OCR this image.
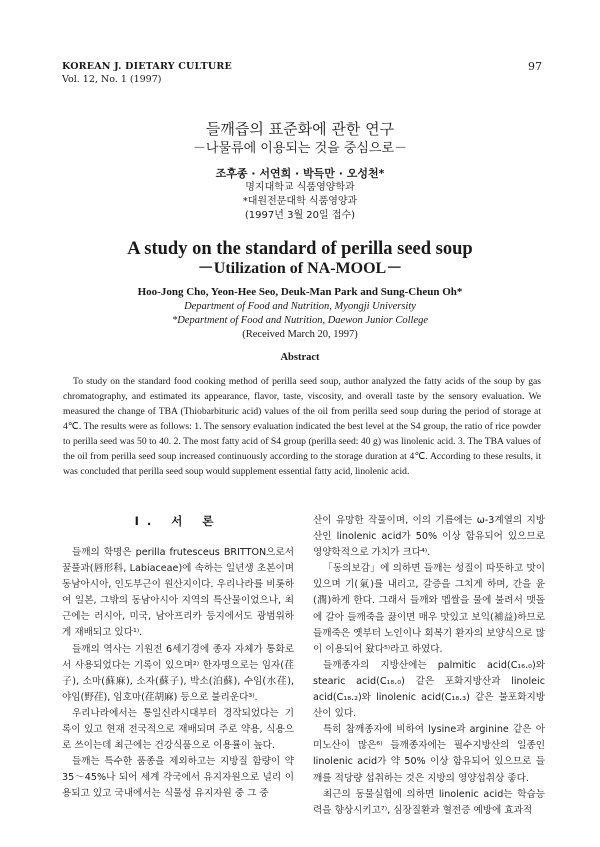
KOREAN J. DIETARY CULTURE
Vol. 12, No. 1 (1997)
97
들깨즙의 표준화에 관한 연구
－나물류에 이용되는 것을 중심으로－
조후종 · 서연희 · 박득만 · 오성천*
명지대학교 식품영양학과
*대원전문대학 식품영양과
(1997년 3월 20일 접수)
A study on the standard of perilla seed soup
－Utilization of NA-MOOL－
Hoo-Jong Cho, Yeon-Hee Seo, Deuk-Man Park and Sung-Cheun Oh*
Department of Food and Nutrition, Myongji University
*Department of Food and Nutrition, Daewon Junior College
(Received March 20, 1997)
Abstract
To study on the standard food cooking method of perilla seed soup, author analyzed the fatty acids of the soup by gas chromatography, and estimated its appearance, flavor, taste, viscosity, and overall taste by the sensory evaluation. We measured the change of TBA (Thiobarbituric acid) values of the oil from perilla seed soup during the period of storage at 4℃. The results were as follows: 1. The sensory evaluation indicated the best level at the S4 group, the ratio of rice powder to perilla seed was 50 to 40. 2. The most fatty acid of S4 group (perilla seed: 40 g) was linolenic acid. 3. The TBA values of the oil from perilla seed soup increased continuously according to the storage duration at 4℃. According to these results, it was concluded that perilla seed soup would supplement essential fatty acid, linolenic acid.
I. 서 론

들깨의 학명은 perilla frutesceus BRITTON으로서 꿀풀과(唇形科, Labiaceae)에 속하는 일년생 초본이며 동남아시아, 인도부근이 원산지이다. 우리나라를 비롯하여 일본, 그밖의 동남아시아 지역의 특산물이었으나, 최근에는 러시아, 미국, 남아프리카 등지에서도 광범위하게 재배되고 있다¹⁾.

들깨의 역사는 기원전 6세기경에 종자 자체가 통화로서 사용되었다는 기록이 있으며²⁾ 한자명으로는 임자(荏子), 소마(蘇麻), 소자(蘇子), 박소(泊蘇), 수임(水荏), 야임(野荏), 임호마(荏胡麻) 등으로 불리운다³⁾.

우리나라에서는 통일신라시대부터 경작되었다는 기록이 있고 현재 전국적으로 재배되며 주로 약용, 식용으로 쓰이는데 최근에는 건강식품으로 이용률이 높다.

들깨는 특수한 품종을 제외하고는 지방질 함량이 약 35～45%나 되어 세계 각국에서 유지자원으로 널리 이용되고 있고 국내에서는 식물성 유지자원 중 그 중

산이 유망한 작물이며, 이의 기름에는 ω-3계열의 지방산인 linolenic acid가 50% 이상 함유되어 있으므로 영양학적으로 가치가 크다⁴⁾.

「동의보감」에 의하면 들깨는 성질이 따뜻하고 맛이 있으며 기(氣)를 내리고, 갈증을 그치게 하며, 간을 윤(潤)하게 한다. 그래서 들깨와 멥쌀을 물에 불려서 맷돌에 갈아 들깨죽을 끓이면 매우 맛있고 보익(補益)하므로 들깨죽은 옛부터 노인이나 회복기 환자의 보양식으로 많이 이용되어 왔다⁵⁾라고 하였다.

들깨종자의 지방산에는 palmitic acid(C₁₆.₀)와 stearic acid(C₁₈.₀) 같은 포화지방산과 linoleic acid(C₁₈.₂)와 linolenic acid(C₁₈.₃) 같은 불포화지방산이 있다.

특히 참깨종자에 비하여 lysine과 arginine 같은 아미노산이 많은⁶⁾ 들깨종자에는 필수지방산의 일종인 linolenic acid가 약 50% 이상 함유되어 있으므로 들깨를 적당량 섭취하는 것은 지방의 영양섭취상 좋다.

최근의 동물실험에 의하면 linolenic acid는 학습능력을 향상시키고⁷⁾, 심장질환과 혈전증 예방에 효과적
